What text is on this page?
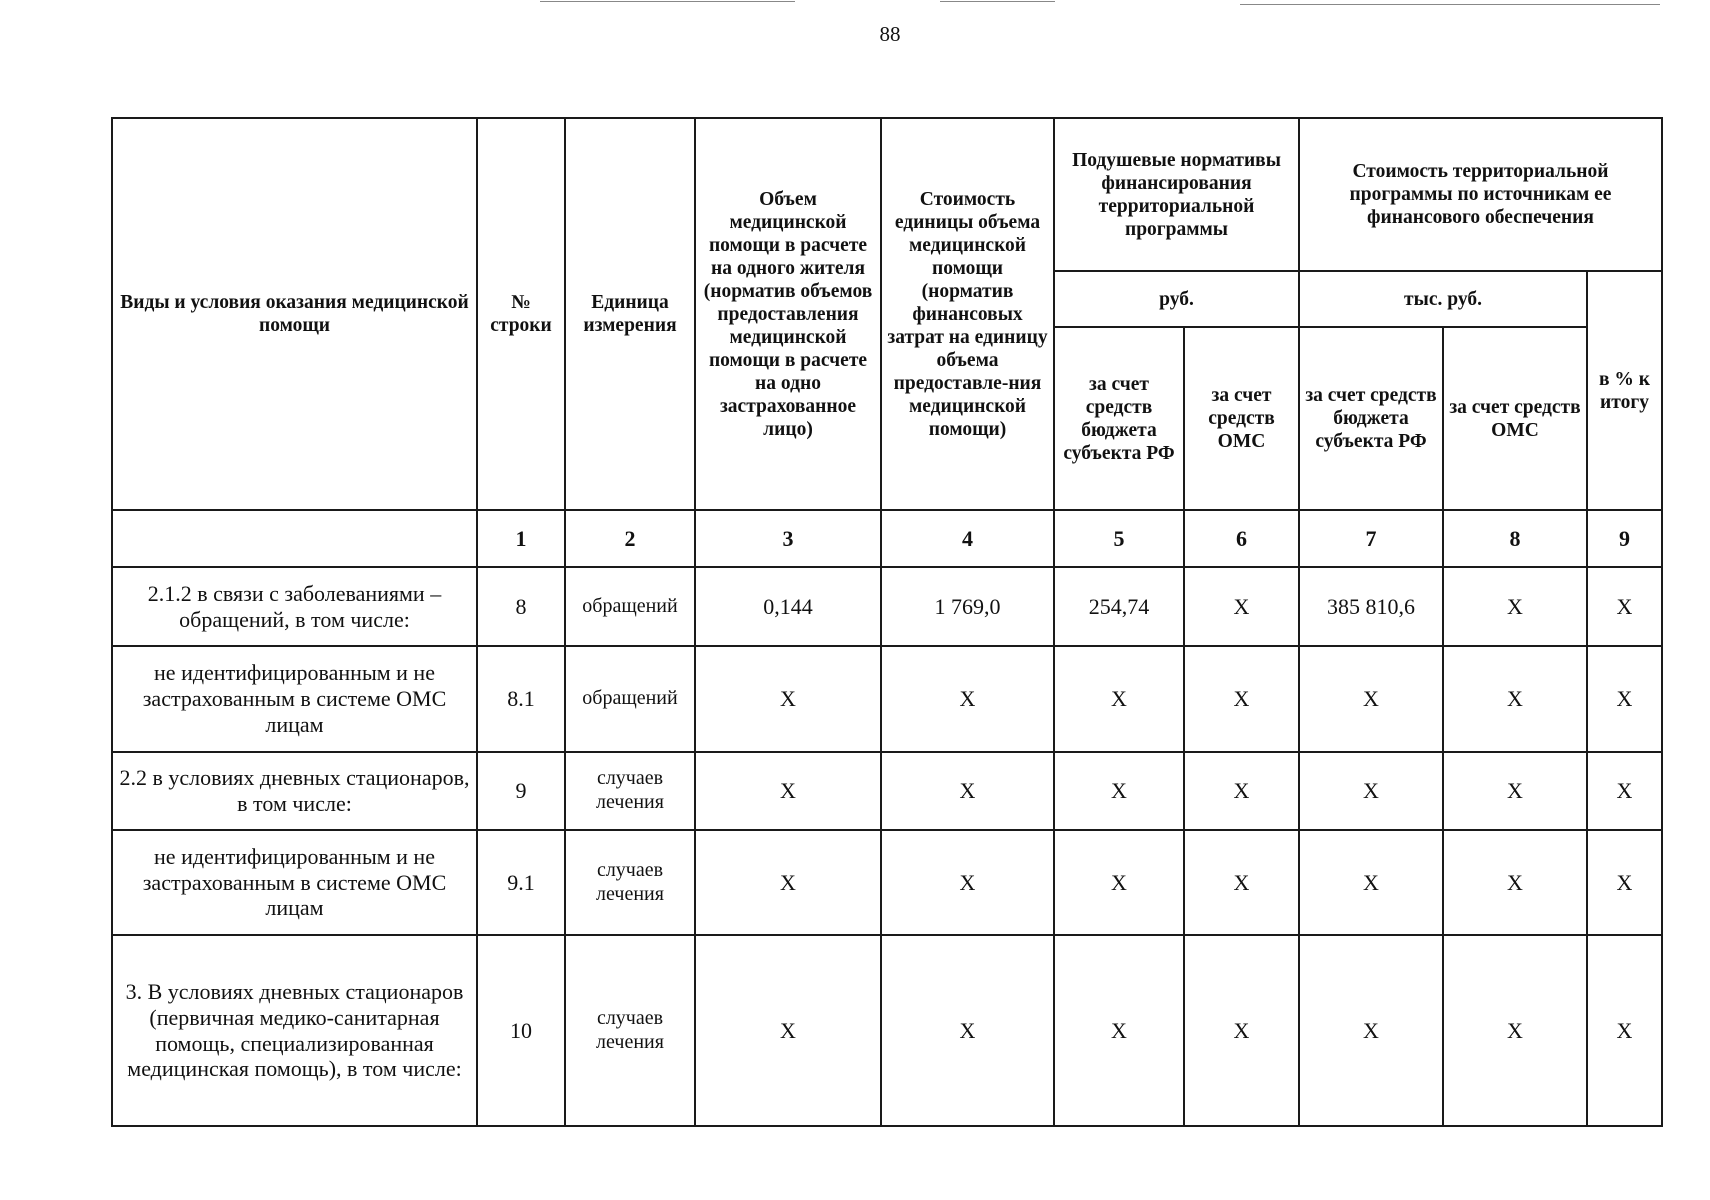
88
Виды и условия оказания медицинской помощи	№ строки	Единица измерения	Объем медицинской помощи в расчете на одного жителя (норматив объемов предоставления медицинской помощи в расчете на одно застрахованное лицо)	Стоимость единицы объема медицинской помощи (норматив финансовых затрат на единицу объема предоставле-ния медицинской помощи)	Подушевые нормативы финансирования территориальной программы		Стоимость территориальной программы по источникам ее финансового обеспечения		
					руб.		тыс. руб.		в % к итогу
					за счет средств бюджета субъекта РФ	за счет средств ОМС	за счет средств бюджета субъекта РФ	за счет средств ОМС	
	1	2	3	4	5	6	7	8	9
2.1.2 в связи с заболеваниями – обращений, в том числе:	8	обращений	0,144	1 769,0	254,74	X	385 810,6	X	X
не идентифицированным и не застрахованным в системе ОМС лицам	8.1	обращений	X	X	X	X	X	X	X
2.2 в условиях дневных стационаров, в том числе:	9	случаев лечения	X	X	X	X	X	X	X
не идентифицированным и не застрахованным в системе ОМС лицам	9.1	случаев лечения	X	X	X	X	X	X	X
3. В условиях дневных стационаров (первичная медико-санитарная помощь, специализированная медицинская помощь), в том числе:	10	случаев лечения	X	X	X	X	X	X	X
